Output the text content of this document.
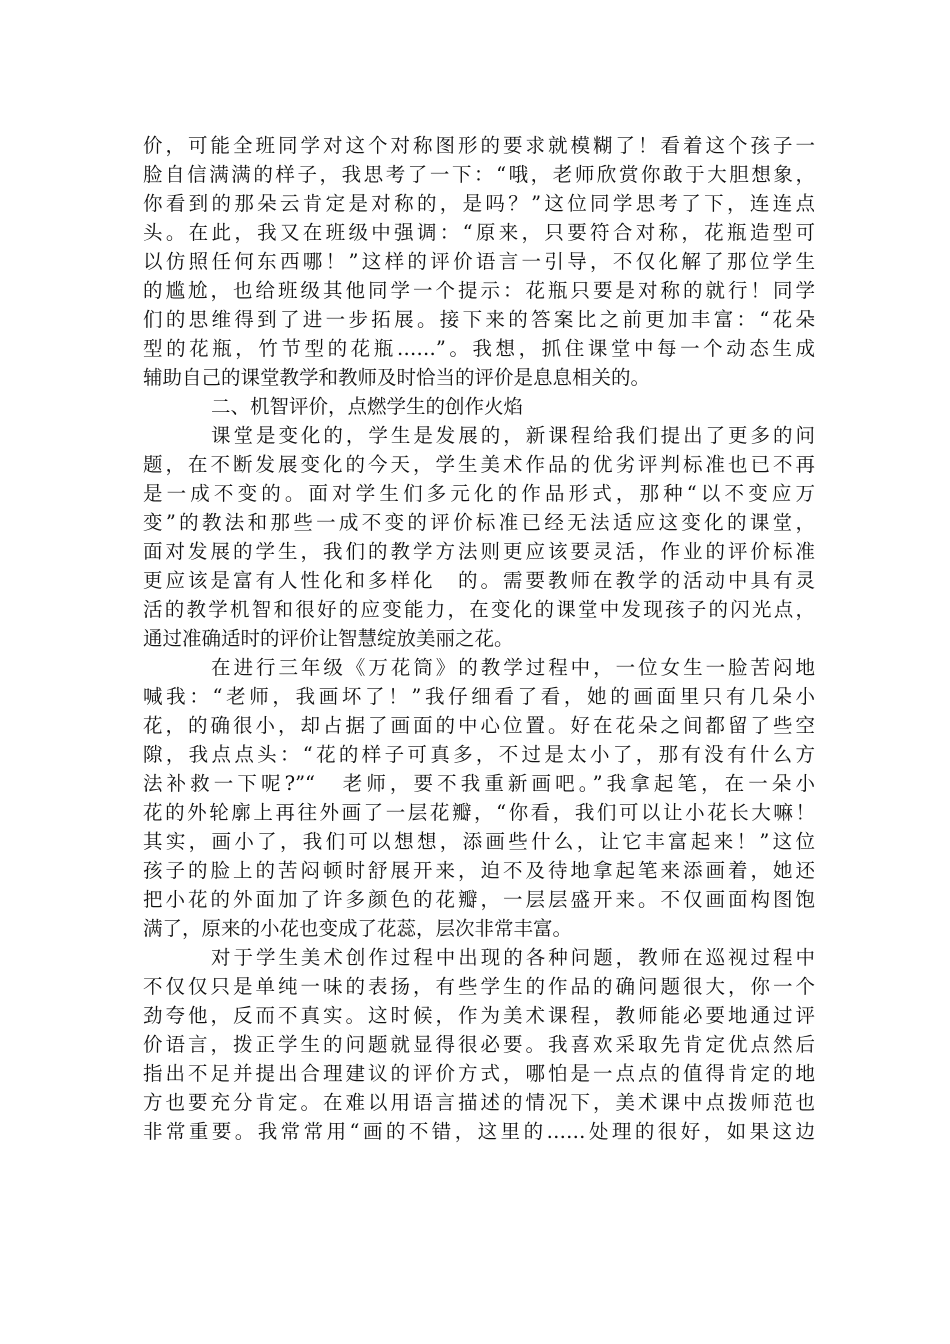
价，可能全班同学对这个对称图形的要求就模糊了！看着这个孩子一
脸自信满满的样子，我思考了一下：“哦，老师欣赏你敢于大胆想象，
你看到的那朵云肯定是对称的，是吗？”这位同学思考了下，连连点
头。在此，我又在班级中强调：“原来，只要符合对称，花瓶造型可
以仿照任何东西哪！”这样的评价语言一引导，不仅化解了那位学生
的尴尬，也给班级其他同学一个提示：花瓶只要是对称的就行！同学
们的思维得到了进一步拓展。接下来的答案比之前更加丰富：“花朵
型的花瓶，竹节型的花瓶……”。我想，抓住课堂中每一个动态生成
辅助自己的课堂教学和教师及时恰当的评价是息息相关的。
二、机智评价，点燃学生的创作火焰
课堂是变化的，学生是发展的，新课程给我们提出了更多的问
题，在不断发展变化的今天，学生美术作品的优劣评判标准也已不再
是一成不变的。面对学生们多元化的作品形式，那种“以不变应万
变”的教法和那些一成不变的评价标准已经无法适应这变化的课堂，
面对发展的学生，我们的教学方法则更应该要灵活，作业的评价标准
更应该是富有人性化和多样化　的。需要教师在教学的活动中具有灵
活的教学机智和很好的应变能力，在变化的课堂中发现孩子的闪光点，
通过准确适时的评价让智慧绽放美丽之花。
在进行三年级《万花筒》的教学过程中，一位女生一脸苦闷地
喊我：“老师，我画坏了！”我仔细看了看，她的画面里只有几朵小
花，的确很小，却占据了画面的中心位置。好在花朵之间都留了些空
隙，我点点头：“花的样子可真多，不过是太小了，那有没有什么方
法补救一下呢?”“　老师，要不我重新画吧。”我拿起笔，在一朵小
花的外轮廓上再往外画了一层花瓣，“你看，我们可以让小花长大嘛！
其实，画小了，我们可以想想，添画些什么，让它丰富起来！”这位
孩子的脸上的苦闷顿时舒展开来，迫不及待地拿起笔来添画着，她还
把小花的外面加了许多颜色的花瓣，一层层盛开来。不仅画面构图饱
满了，原来的小花也变成了花蕊，层次非常丰富。
对于学生美术创作过程中出现的各种问题，教师在巡视过程中
不仅仅只是单纯一味的表扬，有些学生的作品的确问题很大，你一个
劲夸他，反而不真实。这时候，作为美术课程，教师能必要地通过评
价语言，拨正学生的问题就显得很必要。我喜欢采取先肯定优点然后
指出不足并提出合理建议的评价方式，哪怕是一点点的值得肯定的地
方也要充分肯定。在难以用语言描述的情况下，美术课中点拨师范也
非常重要。我常常用“画的不错，这里的……处理的很好，如果这边
